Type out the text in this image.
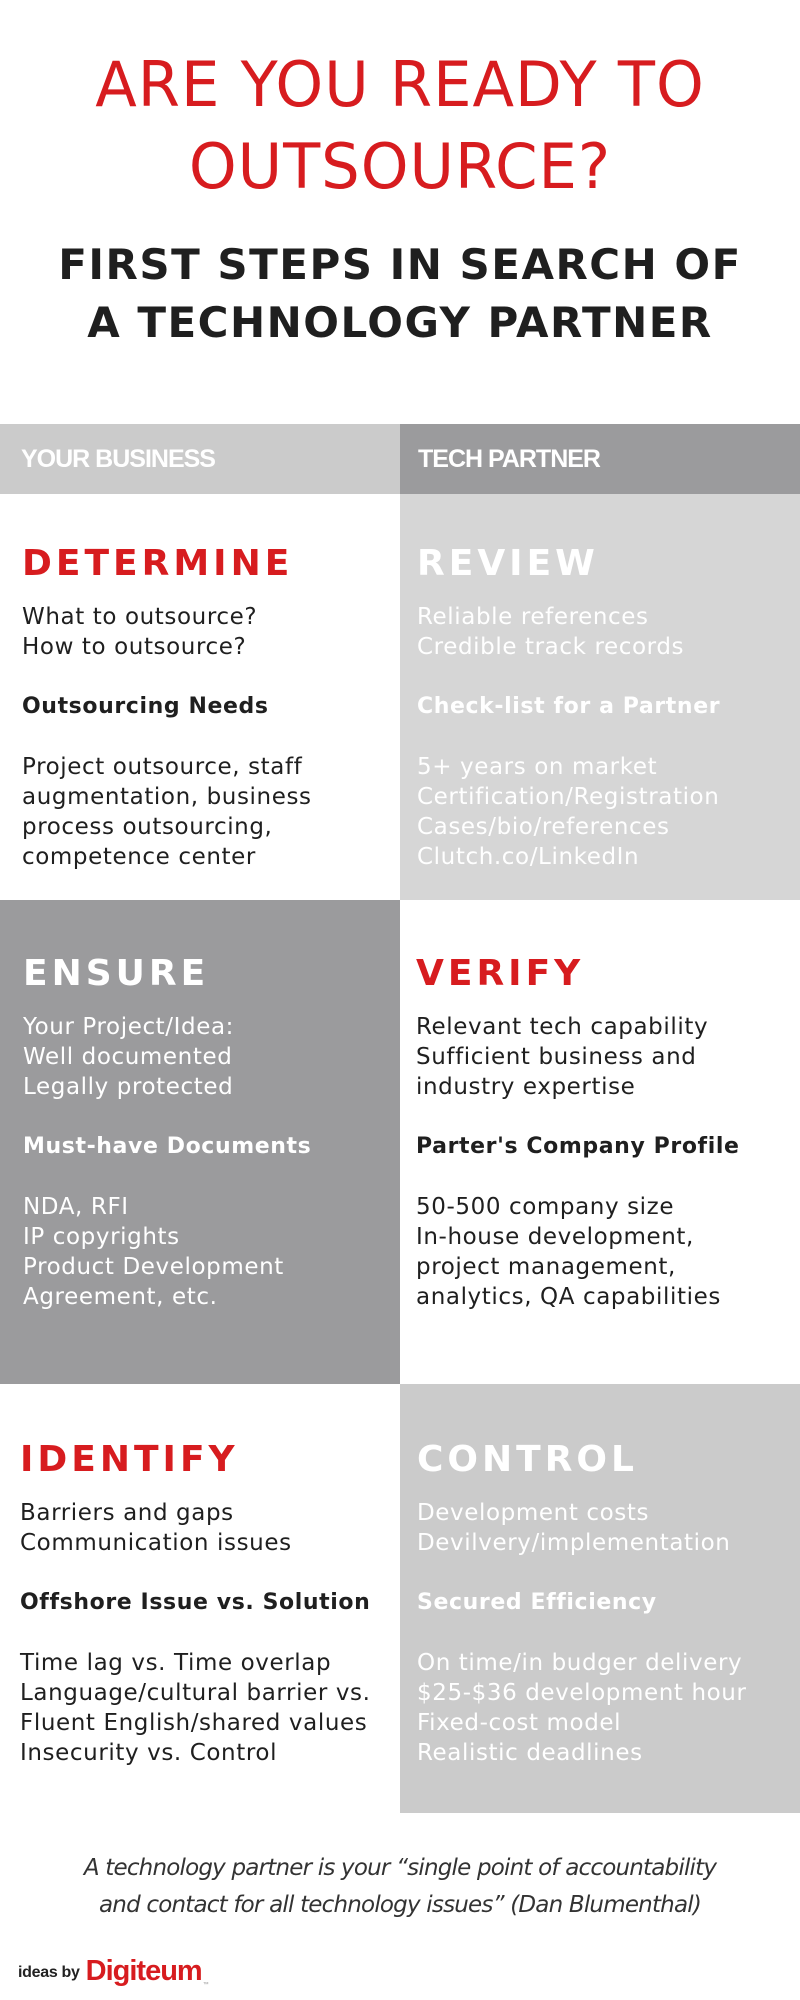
ARE YOU READY TO
OUTSOURCE?
FIRST STEPS IN SEARCH OF
A TECHNOLOGY PARTNER
YOUR BUSINESS	TECH PARTNER
DETERMINE
What to outsource?
How to outsource?
Outsourcing Needs
Project outsource, staff
augmentation, business
process outsourcing,
competence center
REVIEW
Reliable references
Credible track records
Check-list for a Partner
5+ years on market
Certification/Registration
Cases/bio/references
Clutch.co/LinkedIn
ENSURE
Your Project/Idea:
Well documented
Legally protected
Must-have Documents
NDA, RFI
IP copyrights
Product Development
Agreement, etc.
VERIFY
Relevant tech capability
Sufficient business and
industry expertise
Parter's Company Profile
50-500 company size
In-house development,
project management,
analytics, QA capabilities
IDENTIFY
Barriers and gaps
Communication issues
Offshore Issue vs. Solution
Time lag vs. Time overlap
Language/cultural barrier vs.
Fluent English/shared values
Insecurity vs. Control
CONTROL
Development costs
Devilvery/implementation
Secured Efficiency
On time/in budger delivery
$25-$36 development hour
Fixed-cost model
Realistic deadlines

A technology partner is your “single point of accountability

and contact for all technology issues” (Dan Blumenthal)

ideas by Digiteum ™
